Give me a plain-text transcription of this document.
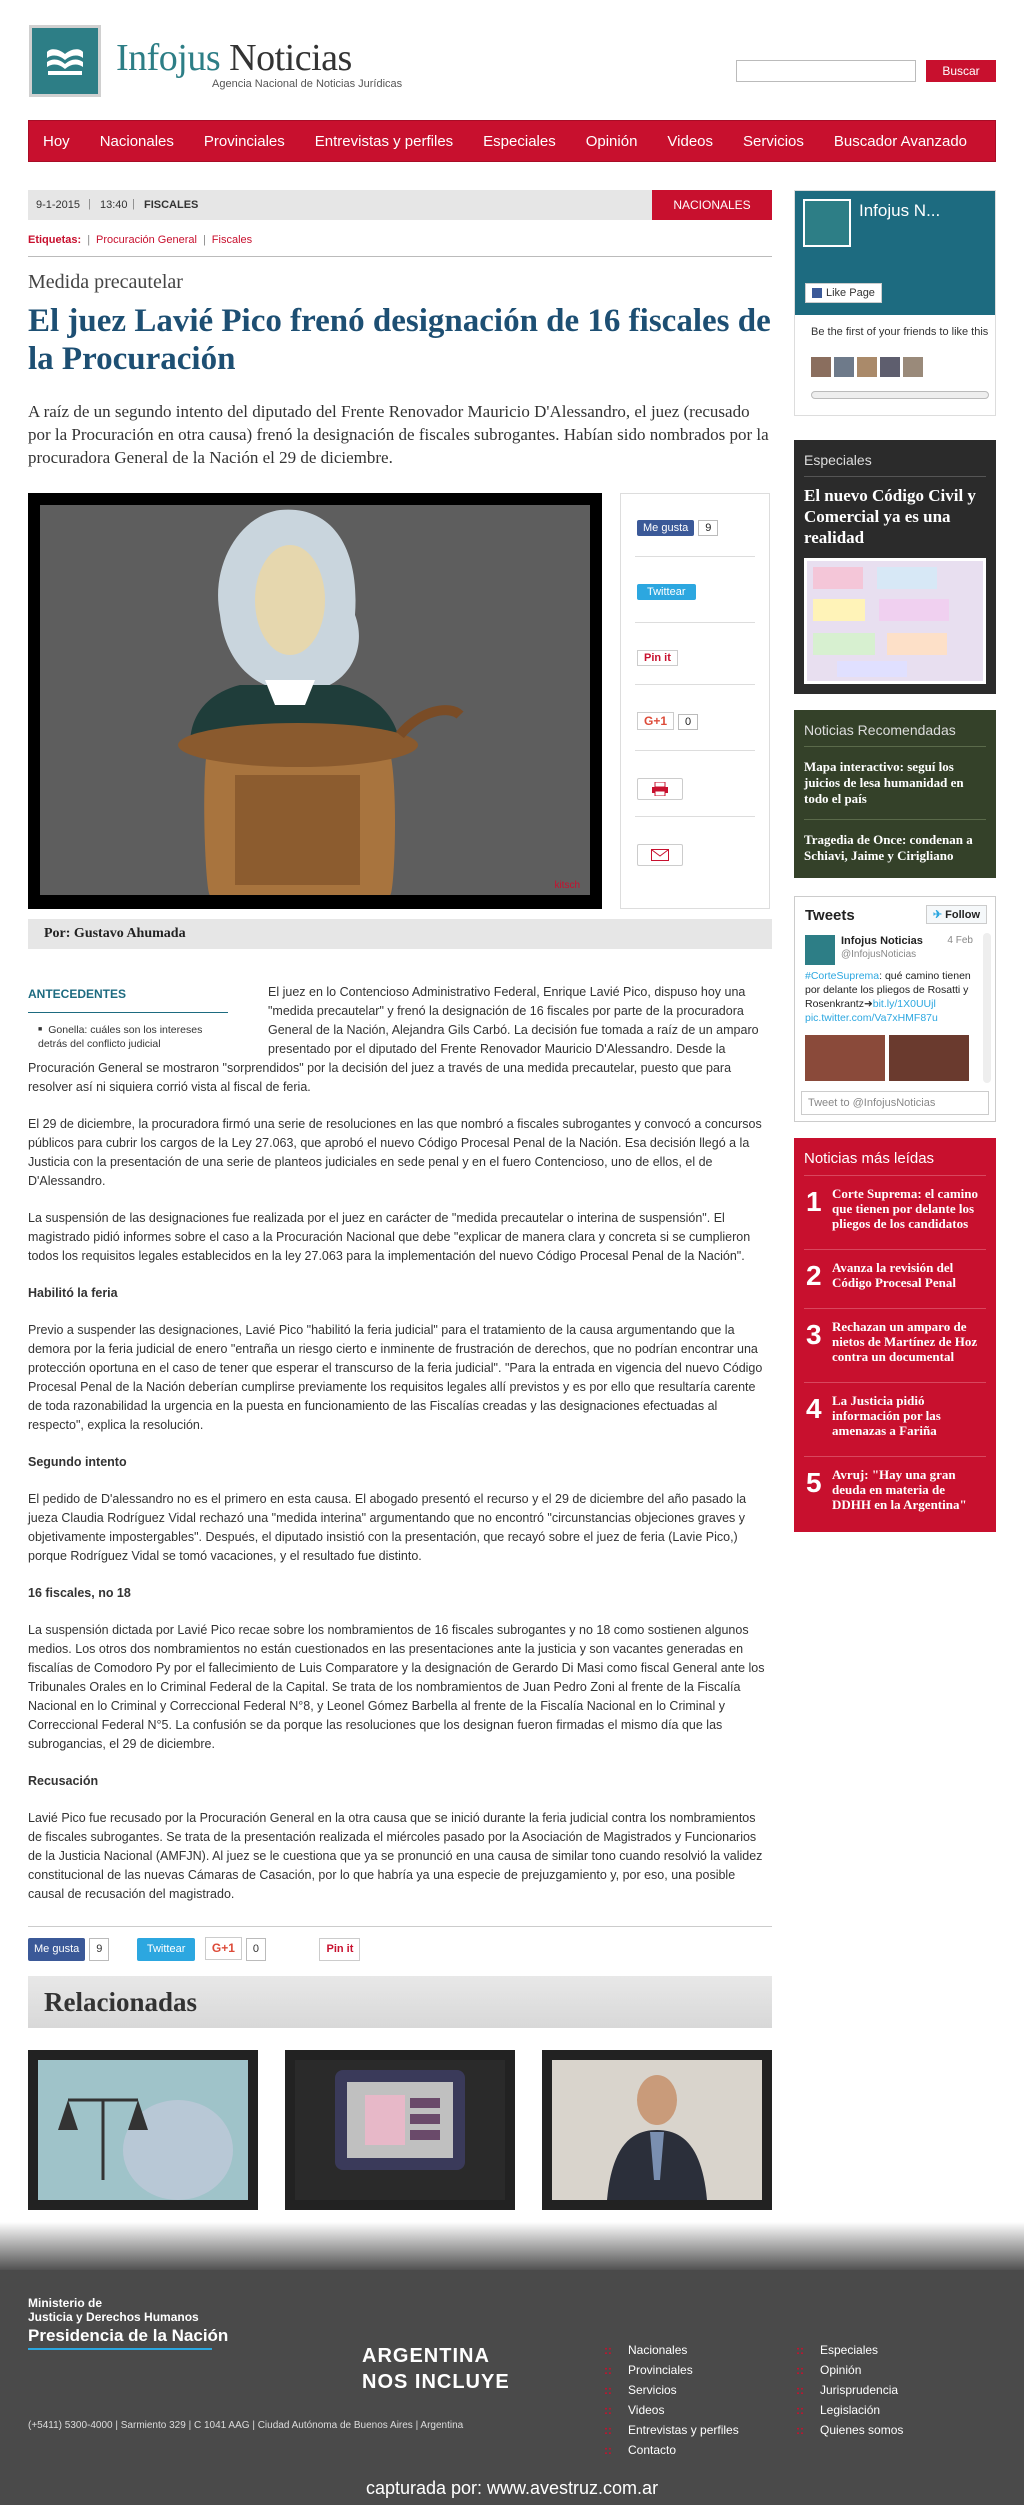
Infojus Noticias
Agencia Nacional de Noticias Jurídicas
Buscar
Hoy Nacionales Provinciales Entrevistas y perfiles Especiales Opinión Videos Servicios Buscador Avanzado
9-1-2015 | 13:40 | FISCALES	NACIONALES
Etiquetas: | Procuración General | Fiscales
Medida precautelar
El juez Lavié Pico frenó designación de 16 fiscales de la Procuración

A raíz de un segundo intento del diputado del Frente Renovador Mauricio D'Alessandro, el juez (recusado por la Procuración en otra causa) frenó la designación de fiscales subrogantes. Habían sido nombrados por la procuradora General de la Nación el 29 de diciembre.

kitsch
Me gusta 9
Twittear
Pin it
G+1 0
Por: Gustavo Ahumada
ANTECEDENTES
■ Gonella: cuáles son los intereses detrás del conflicto judicial

El juez en lo Contencioso Administrativo Federal, Enrique Lavié Pico, dispuso hoy una "medida precautelar" y frenó la designación de 16 fiscales por parte de la procuradora General de la Nación, Alejandra Gils Carbó. La decisión fue tomada a raíz de un amparo presentado por el diputado del Frente Renovador Mauricio D'Alessandro. Desde la Procuración General se mostraron "sorprendidos" por la decisión del juez a través de una medida precautelar, puesto que para resolver así ni siquiera corrió vista al fiscal de feria.

El 29 de diciembre, la procuradora firmó una serie de resoluciones en las que nombró a fiscales subrogantes y convocó a concursos públicos para cubrir los cargos de la Ley 27.063, que aprobó el nuevo Código Procesal Penal de la Nación. Esa decisión llegó a la Justicia con la presentación de una serie de planteos judiciales en sede penal y en el fuero Contencioso, uno de ellos, el de D'Alessandro.

La suspensión de las designaciones fue realizada por el juez en carácter de "medida precautelar o interina de suspensión". El magistrado pidió informes sobre el caso a la Procuración Nacional que debe "explicar de manera clara y concreta si se cumplieron todos los requisitos legales establecidos en la ley 27.063 para la implementación del nuevo Código Procesal Penal de la Nación".

Habilitó la feria

Previo a suspender las designaciones, Lavié Pico "habilitó la feria judicial" para el tratamiento de la causa argumentando que la demora por la feria judicial de enero "entraña un riesgo cierto e inminente de frustración de derechos, que no podrían encontrar una protección oportuna en el caso de tener que esperar el transcurso de la feria judicial". "Para la entrada en vigencia del nuevo Código Procesal Penal de la Nación deberían cumplirse previamente los requisitos legales allí previstos y es por ello que resultaría carente de toda razonabilidad la urgencia en la puesta en funcionamiento de las Fiscalías creadas y las designaciones efectuadas al respecto", explica la resolución.

Segundo intento

El pedido de D'alessandro no es el primero en esta causa. El abogado presentó el recurso y el 29 de diciembre del año pasado la jueza Claudia Rodríguez Vidal rechazó una "medida interina" argumentando que no encontró "circunstancias objeciones graves y objetivamente impostergables". Después, el diputado insistió con la presentación, que recayó sobre el juez de feria (Lavie Pico,) porque Rodríguez Vidal se tomó vacaciones, y el resultado fue distinto.

16 fiscales, no 18

La suspensión dictada por Lavié Pico recae sobre los nombramientos de 16 fiscales subrogantes y no 18 como sostienen algunos medios. Los otros dos nombramientos no están cuestionados en las presentaciones ante la justicia y son vacantes generadas en fiscalías de Comodoro Py por el fallecimiento de Luis Comparatore y la designación de Gerardo Di Masi como fiscal General ante los Tribunales Orales en lo Criminal Federal de la Capital. Se trata de los nombramientos de Juan Pedro Zoni al frente de la Fiscalía Nacional en lo Criminal y Correccional Federal N°8, y Leonel Gómez Barbella al frente de la Fiscalía Nacional en lo Criminal y Correccional Federal N°5. La confusión se da porque las resoluciones que los designan fueron firmadas el mismo día que las subrogancias, el 29 de diciembre.

Recusación

Lavié Pico fue recusado por la Procuración General en la otra causa que se inició durante la feria judicial contra los nombramientos de fiscales subrogantes. Se trata de la presentación realizada el miércoles pasado por la Asociación de Magistrados y Funcionarios de la Justicia Nacional (AMFJN). Al juez se le cuestiona que ya se pronunció en una causa de similar tono cuando resolvió la validez constitucional de las nuevas Cámaras de Casación, por lo que habría ya una especie de prejuzgamiento y, por eso, una posible causal de recusación del magistrado.

Me gusta 9	Twittear G+1 0	Pin it
Relacionadas
Infojus N...
Like Page
Be the first of your friends to like this
Especiales
El nuevo Código Civil y Comercial ya es una realidad
Noticias Recomendadas
Mapa interactivo: seguí los juicios de lesa humanidad en todo el país
Tragedia de Once: condenan a Schiavi, Jaime y Cirigliano
Tweets	✈ Follow
Infojus Noticias
@InfojusNoticias
4 Feb
#CorteSuprema: qué camino tienen por delante los pliegos de Rosatti y Rosenkrantz➜bit.ly/1X0UUjl pic.twitter.com/Va7xHMF87u
Tweet to @InfojusNoticias
Noticias más leídas
1 Corte Suprema: el camino que tienen por delante los pliegos de los candidatos
2 Avanza la revisión del Código Procesal Penal
3 Rechazan un amparo de nietos de Martínez de Hoz contra un documental
4 La Justicia pidió información por las amenazas a Fariña
5 Avruj: "Hay una gran deuda en materia de DDHH en la Argentina"
Ministerio de
Justicia y Derechos Humanos
Presidencia de la Nación
(+5411) 5300-4000 | Sarmiento 329 | C 1041 AAG | Ciudad Autónoma de Buenos Aires | Argentina
ARGENTINA
NOS INCLUYE
:: Nacionales
:: Provinciales
:: Servicios
:: Videos
:: Entrevistas y perfiles
:: Contacto
:: Especiales
:: Opinión
:: Jurisprudencia
:: Legislación
:: Quienes somos
capturada por: www.avestruz.com.ar
